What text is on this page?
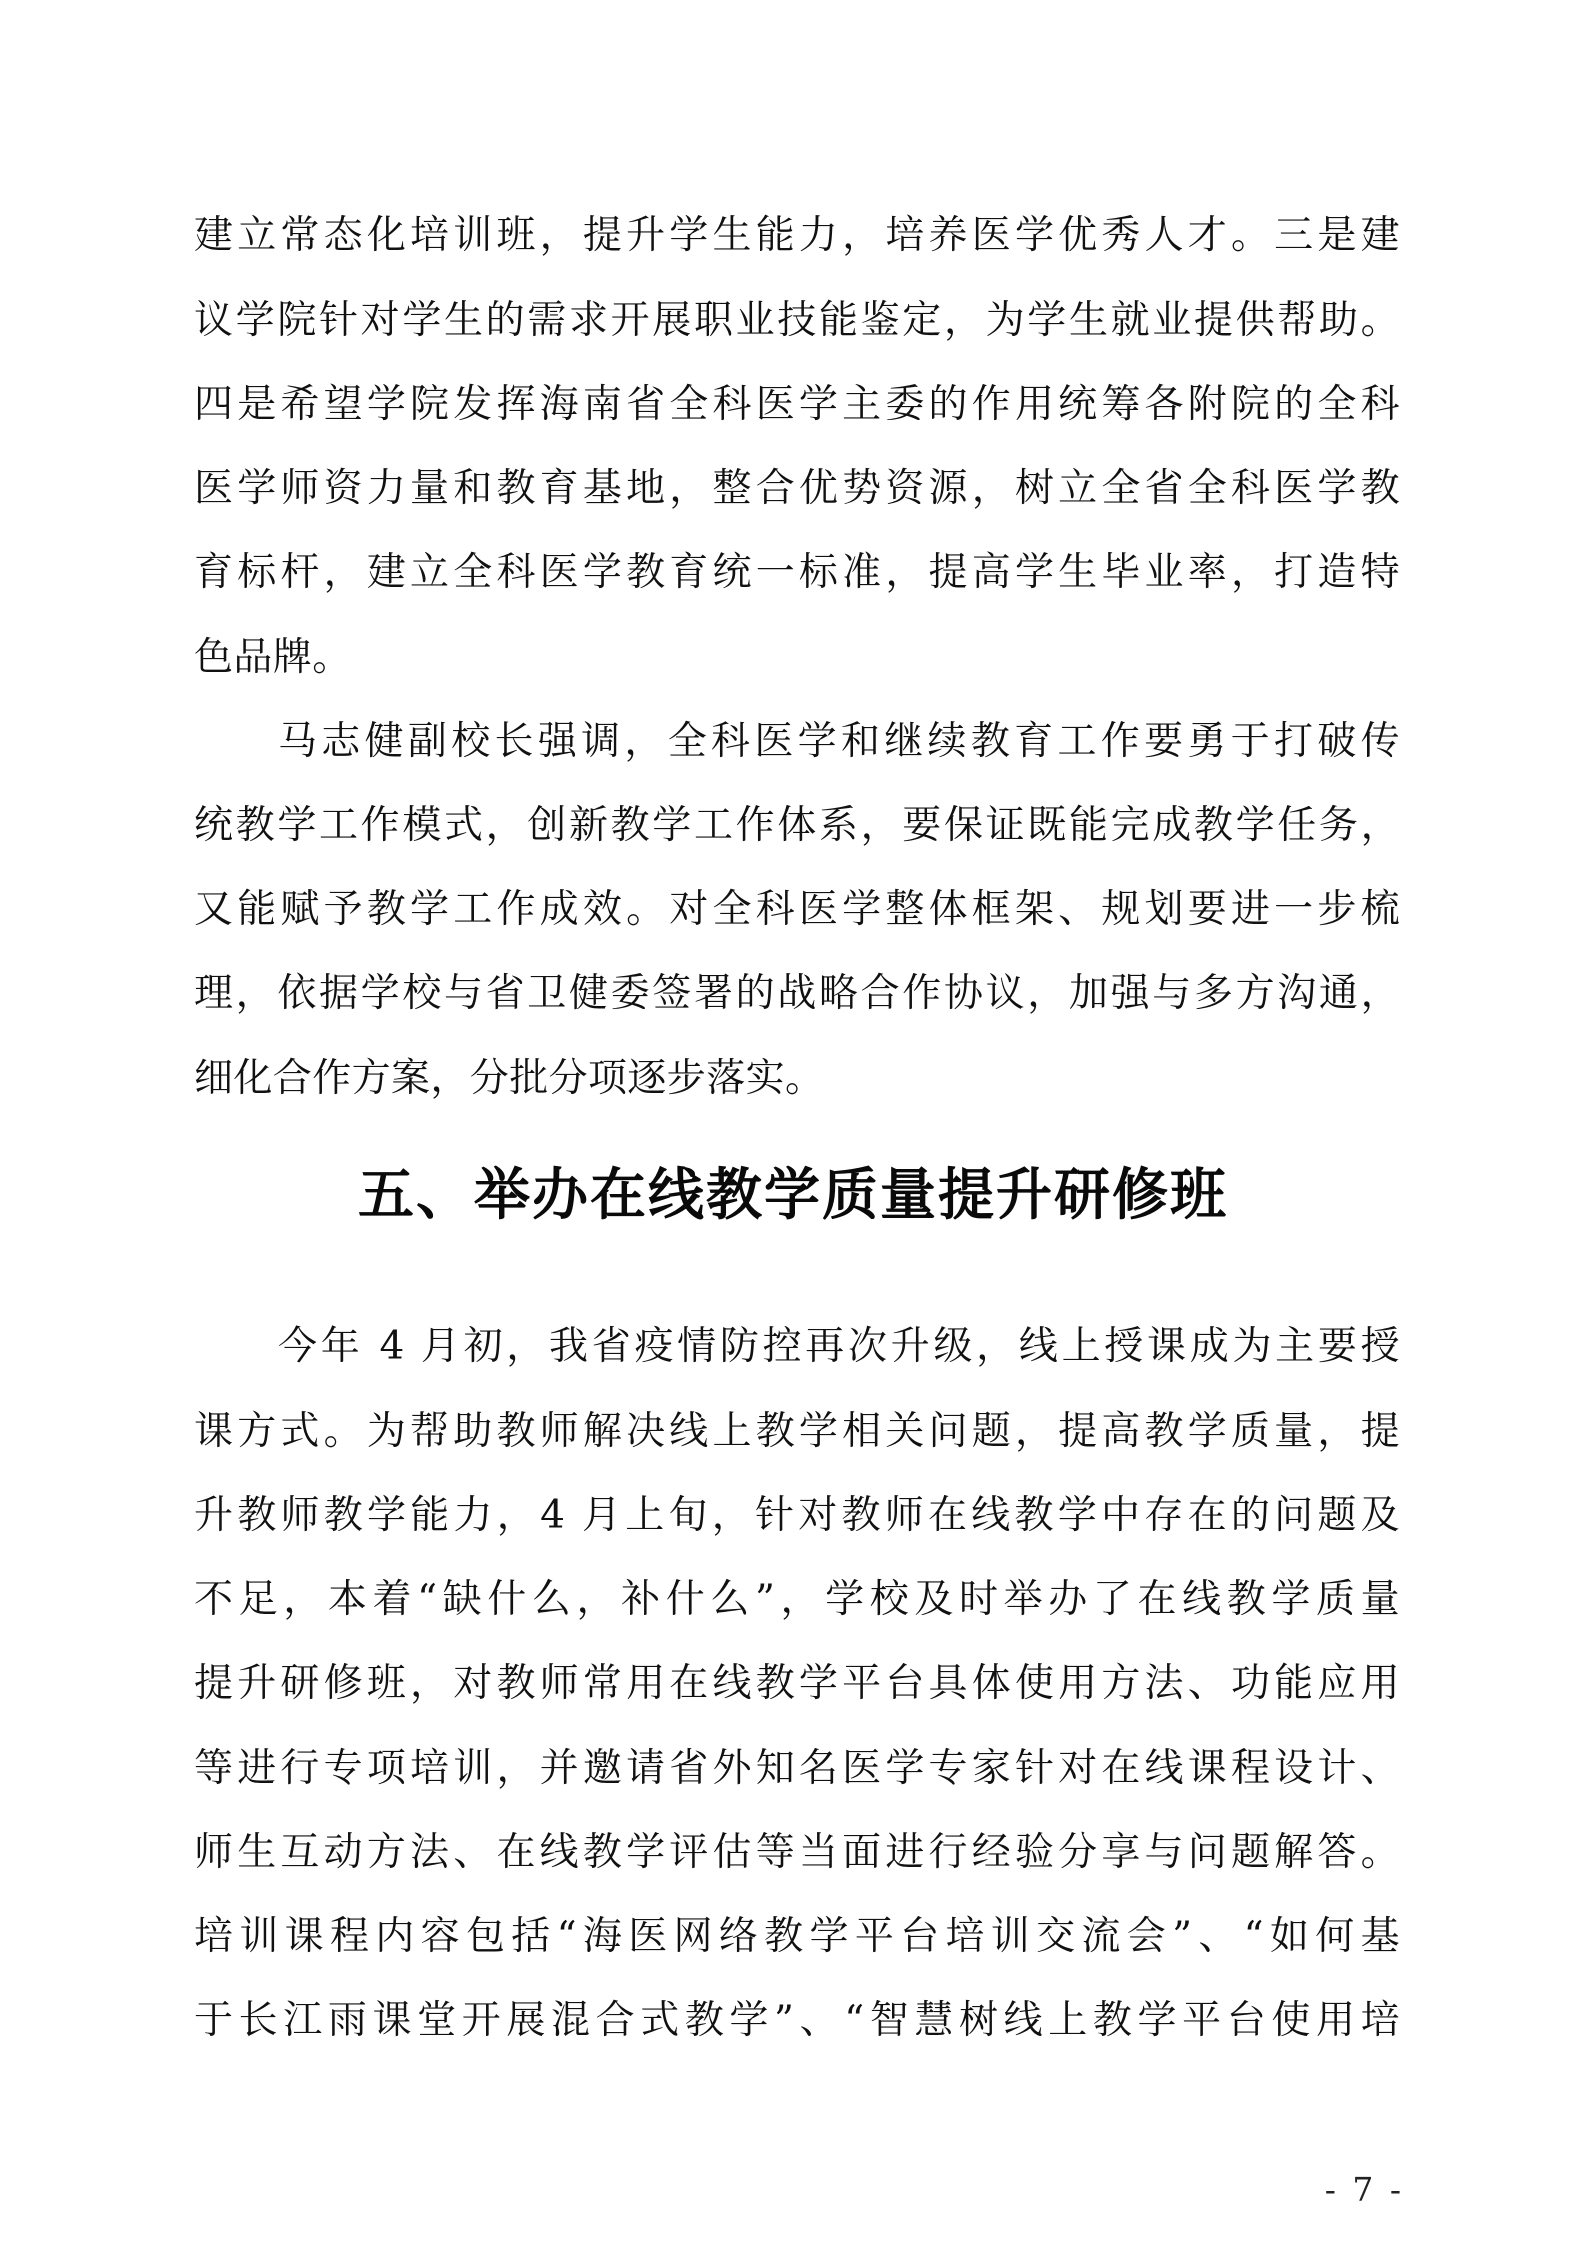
建立常态化培训班，提升学生能力，培养医学优秀人才。三是建
议学院针对学生的需求开展职业技能鉴定，为学生就业提供帮助。
四是希望学院发挥海南省全科医学主委的作用统筹各附院的全科
医学师资力量和教育基地，整合优势资源，树立全省全科医学教
育标杆，建立全科医学教育统一标准，提高学生毕业率，打造特
色品牌。
马志健副校长强调，全科医学和继续教育工作要勇于打破传
统教学工作模式，创新教学工作体系，要保证既能完成教学任务，
又能赋予教学工作成效。对全科医学整体框架、规划要进一步梳
理，依据学校与省卫健委签署的战略合作协议，加强与多方沟通，
细化合作方案，分批分项逐步落实。
五、举办在线教学质量提升研修班
今年 4 月初，我省疫情防控再次升级，线上授课成为主要授
课方式。为帮助教师解决线上教学相关问题，提高教学质量，提
升教师教学能力，4 月上旬，针对教师在线教学中存在的问题及
不足，本着“缺什么，补什么”，学校及时举办了在线教学质量
提升研修班，对教师常用在线教学平台具体使用方法、功能应用
等进行专项培训，并邀请省外知名医学专家针对在线课程设计、
师生互动方法、在线教学评估等当面进行经验分享与问题解答。
培训课程内容包括“海医网络教学平台培训交流会”、“如何基
于长江雨课堂开展混合式教学”、“智慧树线上教学平台使用培
- 7 -
